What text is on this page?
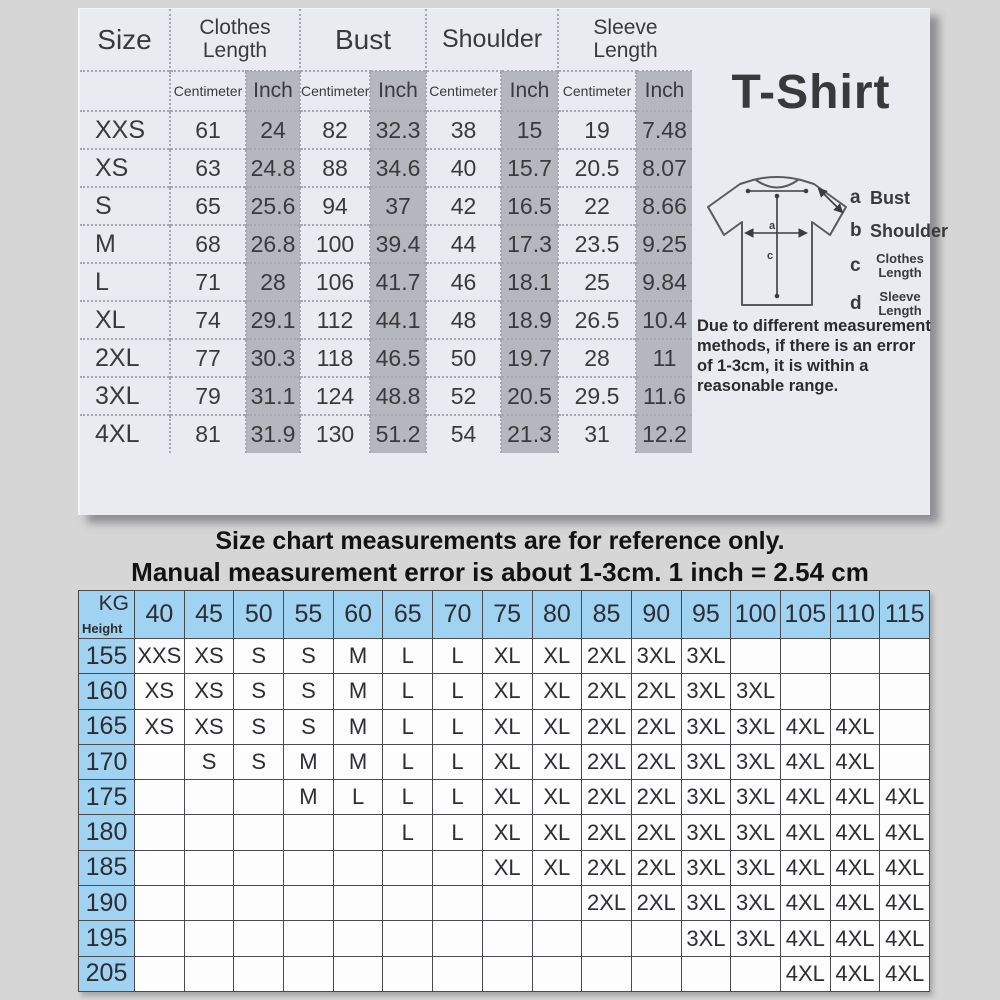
Size	Clothes Length		Bust		Shoulder		Sleeve Length	
	Centimeter	Inch	Centimeter	Inch	Centimeter	Inch	Centimeter	Inch
XXS	61	24	82	32.3	38	15	19	7.48
XS	63	24.8	88	34.6	40	15.7	20.5	8.07
S	65	25.6	94	37	42	16.5	22	8.66
M	68	26.8	100	39.4	44	17.3	23.5	9.25
L	71	28	106	41.7	46	18.1	25	9.84
XL	74	29.1	112	44.1	48	18.9	26.5	10.4
2XL	77	30.3	118	46.5	50	19.7	28	11
3XL	79	31.1	124	48.8	52	20.5	29.5	11.6
4XL	81	31.9	130	51.2	54	21.3	31	12.2
T-Shirt
a
c
a Bust
b Shoulder
c	Clothes Length
d	Sleeve Length

Due to different measurement methods, if there is an error of 1-3cm, it is within a reasonable range.

Size chart measurements are for reference only.
Manual measurement error is about 1-3cm. 1 inch = 2.54 cm
KG
Height	40	45	50	55	60	65	70	75	80	85	90	95	100	105	110	115
155	XXS	XS	S	S	M	L	L	XL	XL	2XL	3XL	3XL				
160	XS	XS	S	S	M	L	L	XL	XL	2XL	2XL	3XL	3XL			
165	XS	XS	S	S	M	L	L	XL	XL	2XL	2XL	3XL	3XL	4XL	4XL	
170		S	S	M	M	L	L	XL	XL	2XL	2XL	3XL	3XL	4XL	4XL	
175				M	L	L	L	XL	XL	2XL	2XL	3XL	3XL	4XL	4XL	4XL
180						L	L	XL	XL	2XL	2XL	3XL	3XL	4XL	4XL	4XL
185								XL	XL	2XL	2XL	3XL	3XL	4XL	4XL	4XL
190										2XL	2XL	3XL	3XL	4XL	4XL	4XL
195												3XL	3XL	4XL	4XL	4XL
205														4XL	4XL	4XL
